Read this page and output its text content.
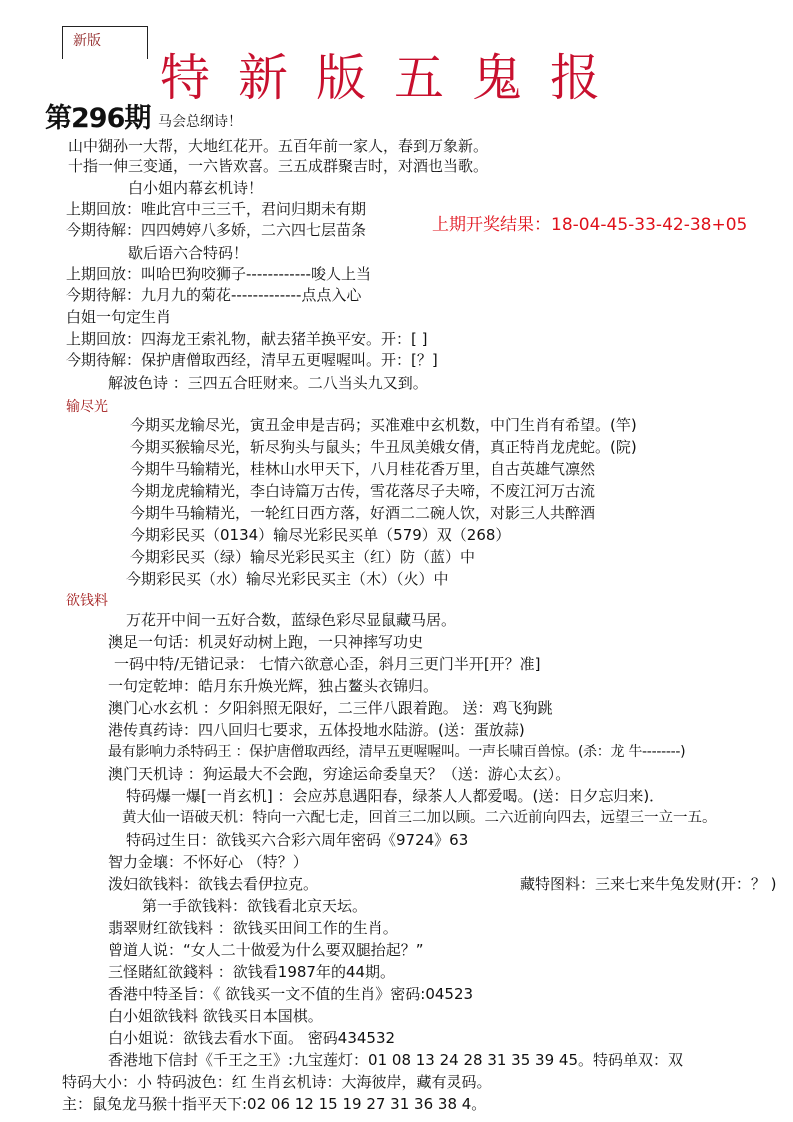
新版
特新版五鬼报
第296期 马会总纲诗！
山中猢孙一大帮，大地红花开。五百年前一家人，春到万象新。
十指一伸三变通，一六皆欢喜。三五成群聚吉时，对酒也当歌。
白小姐内幕玄机诗！
上期回放：唯此宫中三三千，君问归期未有期
今期待解：四四娉婷八多娇，二六四七层苗条	上期开奖结果：18-04-45-33-42-38+05
歇后语六合特码！
上期回放：叫哈巴狗咬狮子------------唆人上当
今期待解：九月九的菊花-------------点点入心
白姐一句定生肖
上期回放：四海龙王索礼物，献去猪羊换平安。开：[ ]
今期待解：保护唐僧取西经，清早五更喔喔叫。开：[？]
解波色诗 ：三四五合旺财来。二八当头九又到。
输尽光
今期买龙输尽光，寅丑金申是吉码；买准难中玄机数，中门生肖有希望。(竿)
今期买猴输尽光，斩尽狗头与鼠头；牛丑凤美娥女倩，真正特肖龙虎蛇。(院)
今期牛马输精光，桂林山水甲天下，八月桂花香万里，自古英雄气凛然
今期龙虎输精光，李白诗篇万古传，雪花落尽子夫啼，不废江河万古流
今期牛马输精光，一轮红日西方落，好酒二二碗人饮，对影三人共醉酒
今期彩民买（0134）输尽光彩民买单（579）双（268）
今期彩民买（绿）输尽光彩民买主（红）防（蓝）中
今期彩民买（水）输尽光彩民买主（木）（火）中
欲钱料
万花开中间一五好合数，蓝绿色彩尽显鼠藏马居。
澳足一句话：机灵好动树上跑，一只神摔写功史
一码中特/无错记录： 七情六欲意心歪，斜月三更门半开[开？准]
一句定乾坤：皓月东升焕光辉，独占鳌头衣锦归。
澳门心水玄机 ：夕阳斜照无限好，二三伴八跟着跑。 送：鸡飞狗跳
港传真药诗：四八回归七要求，五体投地水陆游。(送：蛋放蒜)
最有影响力杀特码王 ：保护唐僧取西经，清早五更喔喔叫。一声长啸百兽惊。(杀：龙 牛--------)
澳门天机诗 ：狗运最大不会跑，穷途运命委皇天？（送：游心太玄）。
特码爆一爆[一肖玄机] ：会应苏息遇阳春，绿茶人人都爱喝。(送：日夕忘归来)．
黄大仙一语破天机：特向一六配七走，回首三二加以顾。二六近前向四去，远望三一立一五。
特码过生日：欲钱买六合彩六周年密码《9724》63
智力金壤：不怀好心 （特？）
泼妇欲钱料：欲钱去看伊拉克。	藏特图料：三来七来牛兔发财(开：？ )
第一手欲钱料：欲钱看北京天坛。
翡翠财红欲钱料 ：欲钱买田间工作的生肖。
曾道人说：“女人二十做爱为什么要双腿抬起？”
三怪賭紅欲錢料 ：欲钱看1987年的44期。
香港中特圣旨：《 欲钱买一文不值的生肖》密码:04523
白小姐欲钱料 欲钱买日本国棋。
白小姐说：欲钱去看水下面。 密码434532
香港地下信封《千王之王》:九宝莲灯：01 08 13 24 28 31 35 39 45。特码单双：双
特码大小：小 特码波色：红 生肖玄机诗：大海彼岸，藏有灵码。
主：鼠兔龙马猴十指平天下:02 06 12 15 19 27 31 36 38 4。
